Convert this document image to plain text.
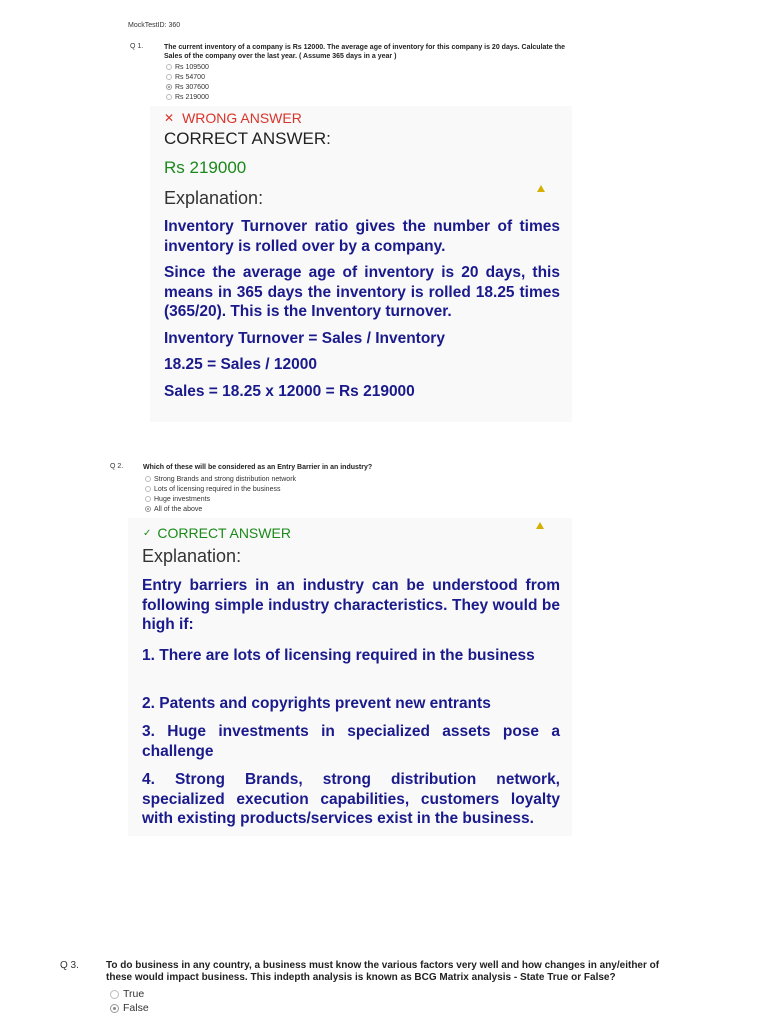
MockTestID: 360
Q 1.	The current inventory of a company is Rs 12000. The average age of inventory for this company is 20 days. Calculate the
Sales of the company over the last year. ( Assume 365 days in a year )
Rs 109500
Rs 54700
Rs 307600
Rs 219000
✕ WRONG ANSWER
CORRECT ANSWER:
Rs 219000
Explanation:
Inventory Turnover ratio gives the number of times inventory is rolled over by a company.
Since the average age of inventory is 20 days, this means in 365 days the inventory is rolled 18.25 times (365/20). This is the Inventory turnover.
Inventory Turnover = Sales / Inventory
18.25 = Sales / 12000
Sales = 18.25 x 12000 = Rs 219000
Q 2.	Which of these will be considered as an Entry Barrier in an industry?
Strong Brands and strong distribution network
Lots of licensing required in the business
Huge investments
All of the above
✓ CORRECT ANSWER
Explanation:
Entry barriers in an industry can be understood from following simple industry characteristics. They would be high if:
1. There are lots of licensing required in the business
2. Patents and copyrights prevent new entrants
3. Huge investments in specialized assets pose a challenge
4. Strong Brands, strong distribution network, specialized execution capabilities, customers loyalty with existing products/services exist in the business.
Q 3.	To do business in any country, a business must know the various factors very well and how changes in any/either of
these would impact business. This indepth analysis is known as BCG Matrix analysis - State True or False?
True
False
